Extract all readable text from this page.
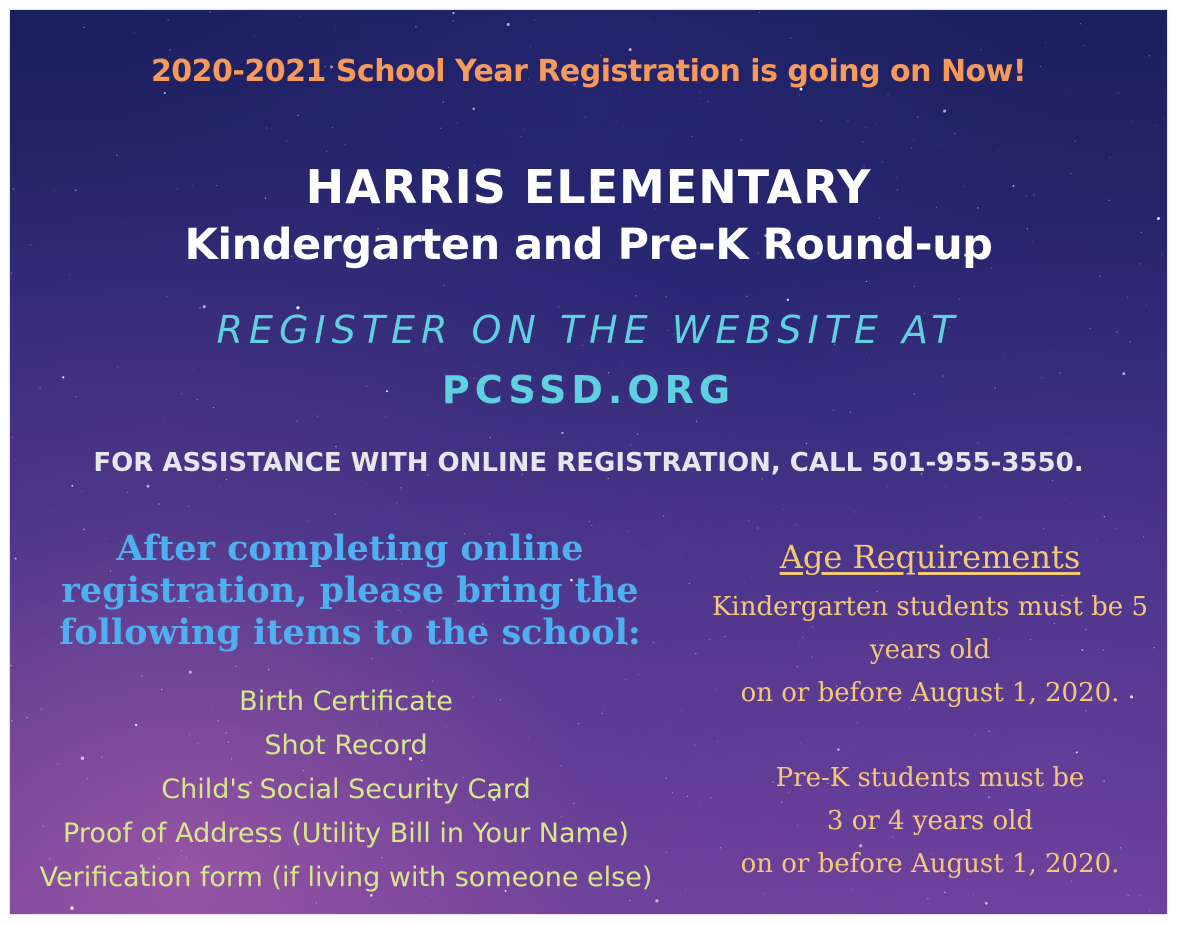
2020-2021 School Year Registration is going on Now!
HARRIS ELEMENTARY
Kindergarten and Pre-K Round-up
REGISTER ON THE WEBSITE AT
PCSSD.ORG
FOR ASSISTANCE WITH ONLINE REGISTRATION, CALL 501-955-3550.
After completing online
registration, please bring the
following items to the school:
Birth Certificate
Shot Record
Child's Social Security Card
Proof of Address (Utility Bill in Your Name)
Verification form (if living with someone else)
Age Requirements
Kindergarten students must be 5
years old
on or before August 1, 2020.
Pre-K students must be
3 or 4 years old
on or before August 1, 2020.
